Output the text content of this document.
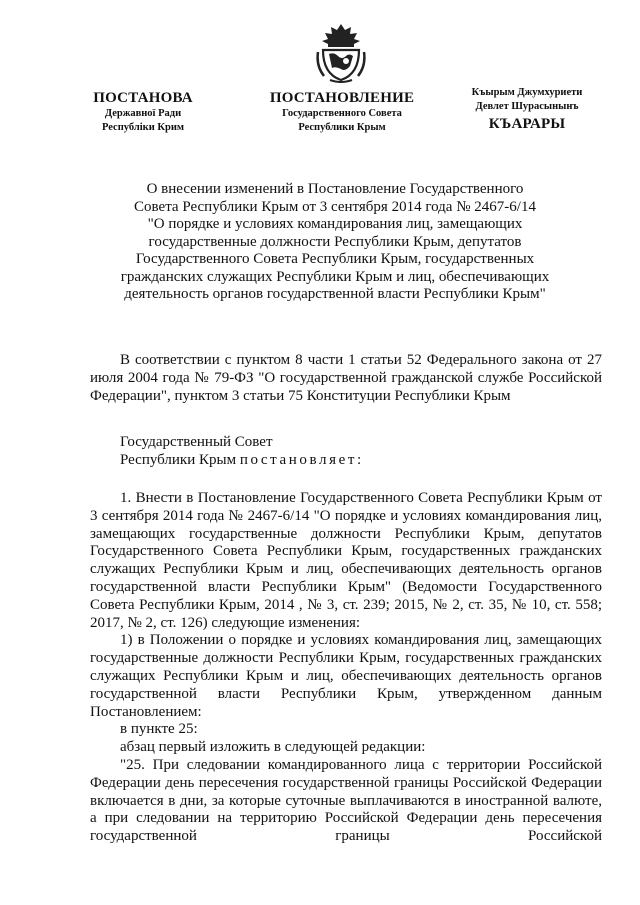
ПОСТАНОВА
Державної Ради
Республіки Крим
ПОСТАНОВЛЕНИЕ
Государственного Совета
Республики Крым
Къырым Джумхуриети
Девлет Шурасынынъ
КЪАРАРЫ
О внесении изменений в Постановление Государственного
Совета Республики Крым от 3 сентября 2014 года № 2467-6/14
"О порядке и условиях командирования лиц, замещающих
государственные должности Республики Крым, депутатов
Государственного Совета Республики Крым, государственных
гражданских служащих Республики Крым и лиц, обеспечивающих
деятельность органов государственной власти Республики Крым"

В соответствии с пунктом 8 части 1 статьи 52 Федерального закона от 27 июля 2004 года № 79-ФЗ "О государственной гражданской службе Российской Федерации", пунктом 3 статьи 75 Конституции Республики Крым

Государственный Совет

Республики Крым постановляет:

1. Внести в Постановление Государственного Совета Республики Крым от 3 сентября 2014 года № 2467-6/14 "О порядке и условиях командирования лиц, замещающих государственные должности Республики Крым, депутатов Государственного Совета Республики Крым, государственных гражданских служащих Республики Крым и лиц, обеспечивающих деятельность органов государственной власти Республики Крым" (Ведомости Государственного Совета Республики Крым, 2014 , № 3, ст. 239; 2015, № 2, ст. 35, № 10, ст. 558; 2017, № 2, ст. 126) следующие изменения:

1) в Положении о порядке и условиях командирования лиц, замещающих государственные должности Республики Крым, государственных гражданских служащих Республики Крым и лиц, обеспечивающих деятельность органов государственной власти Республики Крым, утвержденном данным Постановлением:

в пункте 25:

абзац первый изложить в следующей редакции:

"25. При следовании командированного лица с территории Российской Федерации день пересечения государственной границы Российской Федерации включается в дни, за которые суточные выплачиваются в иностранной валюте, а при следовании на территорию Российской Федерации день пересечения государственной границы Российской
